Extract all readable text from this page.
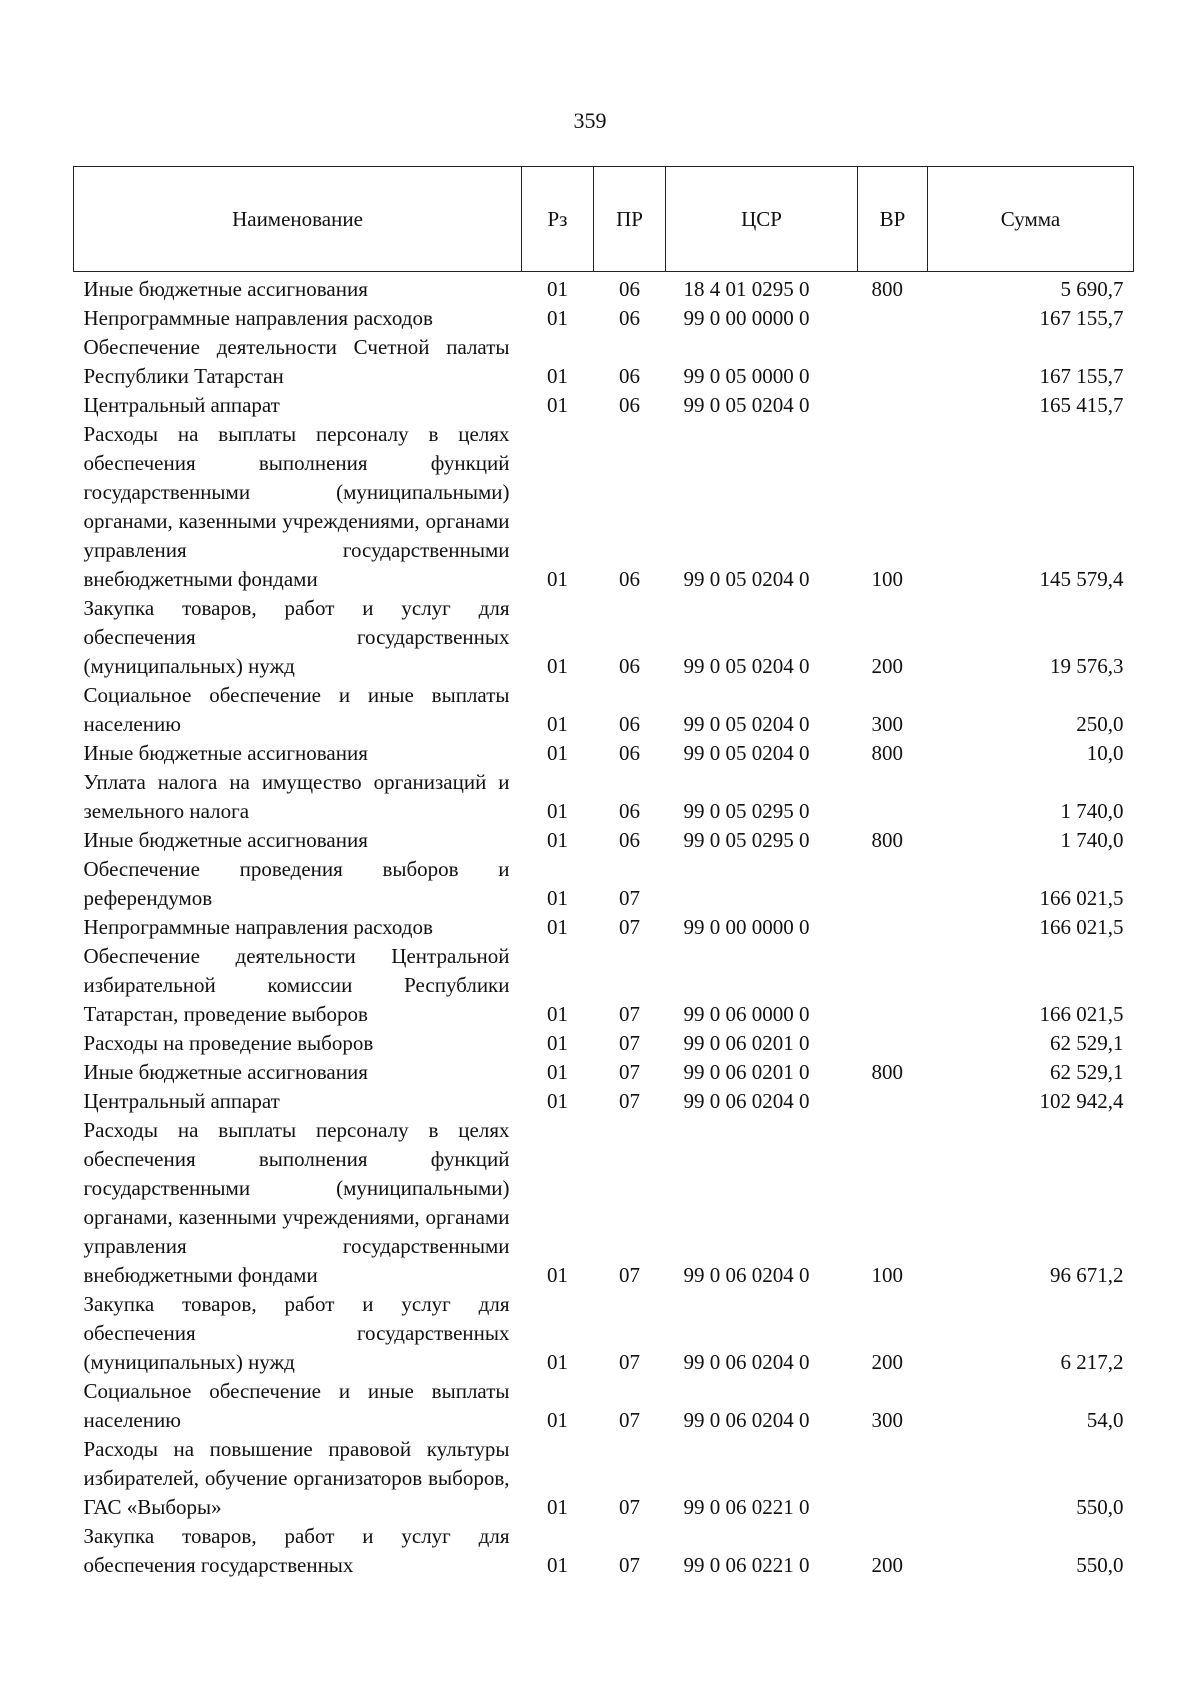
359
Наименование	Рз	ПР	ЦСР	ВР	Сумма
Иные бюджетные ассигнования	01	06	18 4 01 0295 0	800	5 690,7
Непрограммные направления расходов	01	06	99 0 00 0000 0		167 155,7
Обеспечение деятельности Счетной палаты Республики Татарстан	01	06	99 0 05 0000 0		167 155,7
Центральный аппарат	01	06	99 0 05 0204 0		165 415,7
Расходы на выплаты персоналу в целях обеспечения выполнения функций государственными (муниципальными) органами, казенными учреждениями, органами управления государственными внебюджетными фондами	01	06	99 0 05 0204 0	100	145 579,4
Закупка товаров, работ и услуг для обеспечения государственных (муниципальных) нужд	01	06	99 0 05 0204 0	200	19 576,3
Социальное обеспечение и иные выплаты населению	01	06	99 0 05 0204 0	300	250,0
Иные бюджетные ассигнования	01	06	99 0 05 0204 0	800	10,0
Уплата налога на имущество организаций и земельного налога	01	06	99 0 05 0295 0		1 740,0
Иные бюджетные ассигнования	01	06	99 0 05 0295 0	800	1 740,0
Обеспечение проведения выборов и референдумов	01	07			166 021,5
Непрограммные направления расходов	01	07	99 0 00 0000 0		166 021,5
Обеспечение деятельности Центральной избирательной комиссии Республики Татарстан, проведение выборов	01	07	99 0 06 0000 0		166 021,5
Расходы на проведение выборов	01	07	99 0 06 0201 0		62 529,1
Иные бюджетные ассигнования	01	07	99 0 06 0201 0	800	62 529,1
Центральный аппарат	01	07	99 0 06 0204 0		102 942,4
Расходы на выплаты персоналу в целях обеспечения выполнения функций государственными (муниципальными) органами, казенными учреждениями, органами управления государственными внебюджетными фондами	01	07	99 0 06 0204 0	100	96 671,2
Закупка товаров, работ и услуг для обеспечения государственных (муниципальных) нужд	01	07	99 0 06 0204 0	200	6 217,2
Социальное обеспечение и иные выплаты населению	01	07	99 0 06 0204 0	300	54,0
Расходы на повышение правовой культуры избирателей, обучение организаторов выборов, ГАС «Выборы»	01	07	99 0 06 0221 0		550,0
Закупка товаров, работ и услуг для обеспечения государственных	01	07	99 0 06 0221 0	200	550,0
